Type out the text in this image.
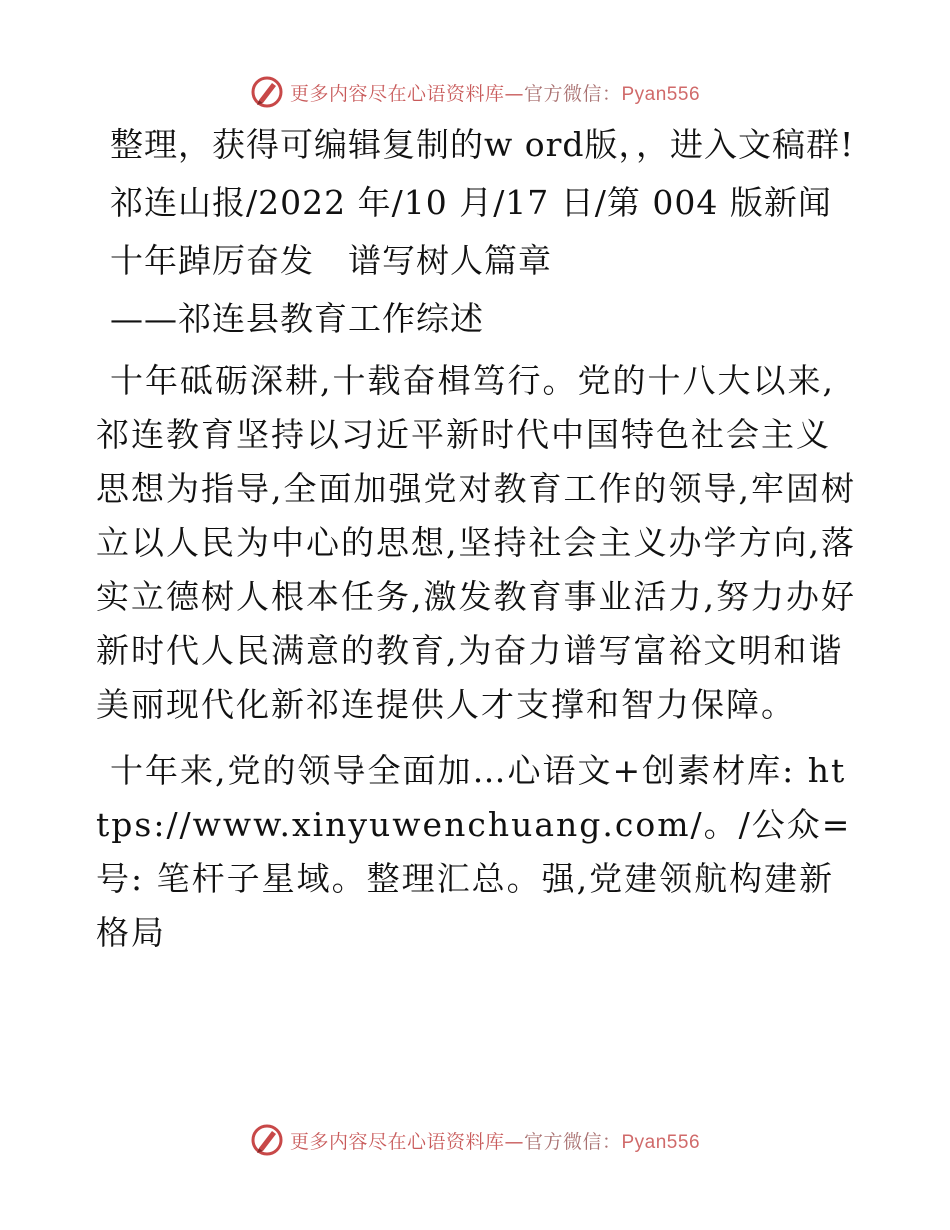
更多内容尽在心语资料库—官方微信：Pyan556

整理，获得可编辑复制的w ord版，，进入文稿群!

祁连山报/2022 年/10 月/17 日/第 004 版新闻

十年踔厉奋发　谱写树人篇章

——祁连县教育工作综述

十年砥砺深耕,十载奋楫笃行。党的十八大以来,祁连教育坚持以习近平新时代中国特色社会主义思想为指导,全面加强党对教育工作的领导,牢固树立以人民为中心的思想,坚持社会主义办学方向,落实立德树人根本任务,激发教育事业活力,努力办好新时代人民满意的教育,为奋力谱写富裕文明和谐美丽现代化新祁连提供人才支撑和智力保障。

十年来,党的领导全面加…心语文+创素材库: https://www.xinyuwenchuang.com/。/公众=号: 笔杆子星域。整理汇总。强,党建领航构建新格局

更多内容尽在心语资料库—官方微信：Pyan556
